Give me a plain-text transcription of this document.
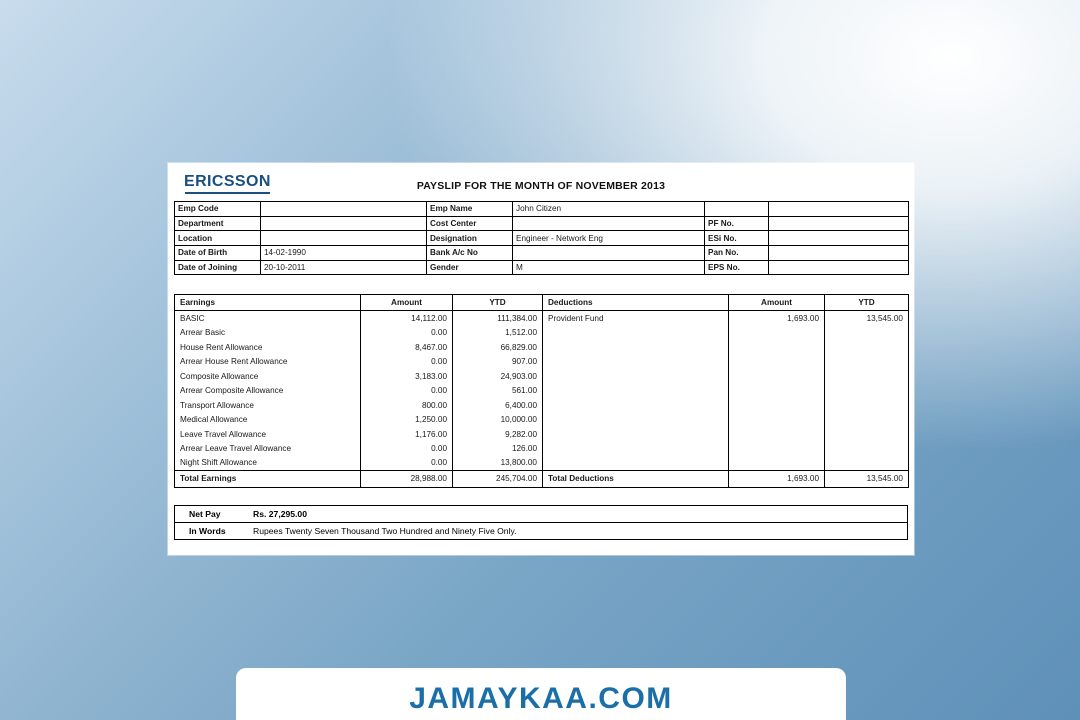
ERICSSON	PAYSLIP FOR THE MONTH OF NOVEMBER 2013
Emp Code		Emp Name	John Citizen		
Department		Cost Center		PF No.	
Location		Designation	Engineer - Network Eng	ESi No.	
Date of Birth	14-02-1990	Bank A/c No		Pan No.	
Date of Joining	20-10-2011	Gender	M	EPS No.	
Earnings	Amount	YTD	Deductions	Amount	YTD
BASIC	14,112.00	111,384.00	Provident Fund	1,693.00	13,545.00
Arrear Basic	0.00	1,512.00			
House Rent Allowance	8,467.00	66,829.00			
Arrear House Rent Allowance	0.00	907.00			
Composite Allowance	3,183.00	24,903.00			
Arrear Composite Allowance	0.00	561.00			
Transport Allowance	800.00	6,400.00			
Medical Allowance	1,250.00	10,000.00			
Leave Travel Allowance	1,176.00	9,282.00			
Arrear Leave Travel Allowance	0.00	126.00			
Night Shift Allowance	0.00	13,800.00			
Total Earnings	28,988.00	245,704.00	Total Deductions	1,693.00	13,545.00
Net Pay	Rs. 27,295.00
In Words	Rupees Twenty Seven Thousand Two Hundred and Ninety Five Only.
JAMAYKAA.COM
